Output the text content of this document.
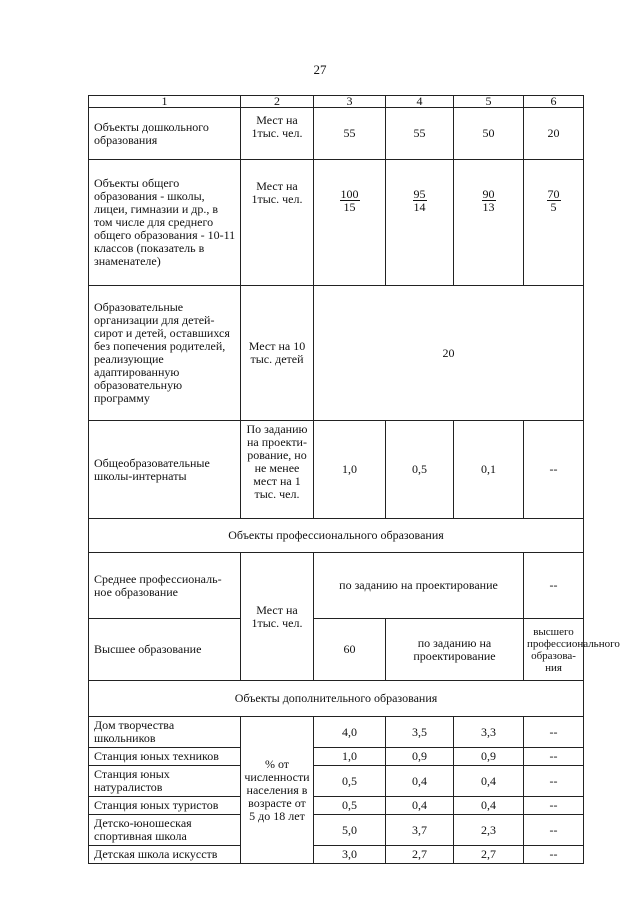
27
1	2	3	4	5	6
Объекты дошкольного образования	Мест на 1тыс. чел.	55	55	50	20
Объекты общего образования - школы, лицеи, гимназии и др., в том числе для среднего общего образования - 10-11 классов (показатель в знаменателе)	Мест на 1тыс. чел.	$\frac{100}{15}$	$\frac{95}{14}$	$\frac{90}{13}$	$\frac{70}{5}$

Образовательные организации для детей-сирот и детей, оставшихся без попечения родителей, реализующие адаптированную образовательную программу	Мест на 10 тыс. детей	20			
Общеобразовательные школы-интернаты	По заданию на проекти-рование, но не менее мест на 1 тыс. чел.	1,0	0,5	0,1	--
Объекты профессионального образования					
Среднее профессиональ-ное образование	Мест на 1тыс. чел.	по заданию на проектирование			--
Высшее образование		60	по заданию на проектирование		высшего профессионального образова-ния
Объекты дополнительного образования					
Дом творчества школьников	% от численности населения в возрасте от 5 до 18 лет	4,0	3,5	3,3	--
Станция юных техников		1,0	0,9	0,9	--
Станция юных натуралистов		0,5	0,4	0,4	--
Станция юных туристов		0,5	0,4	0,4	--
Детско-юношеская спортивная школа		5,0	3,7	2,3	--
Детская школа искусств		3,0	2,7	2,7	--
